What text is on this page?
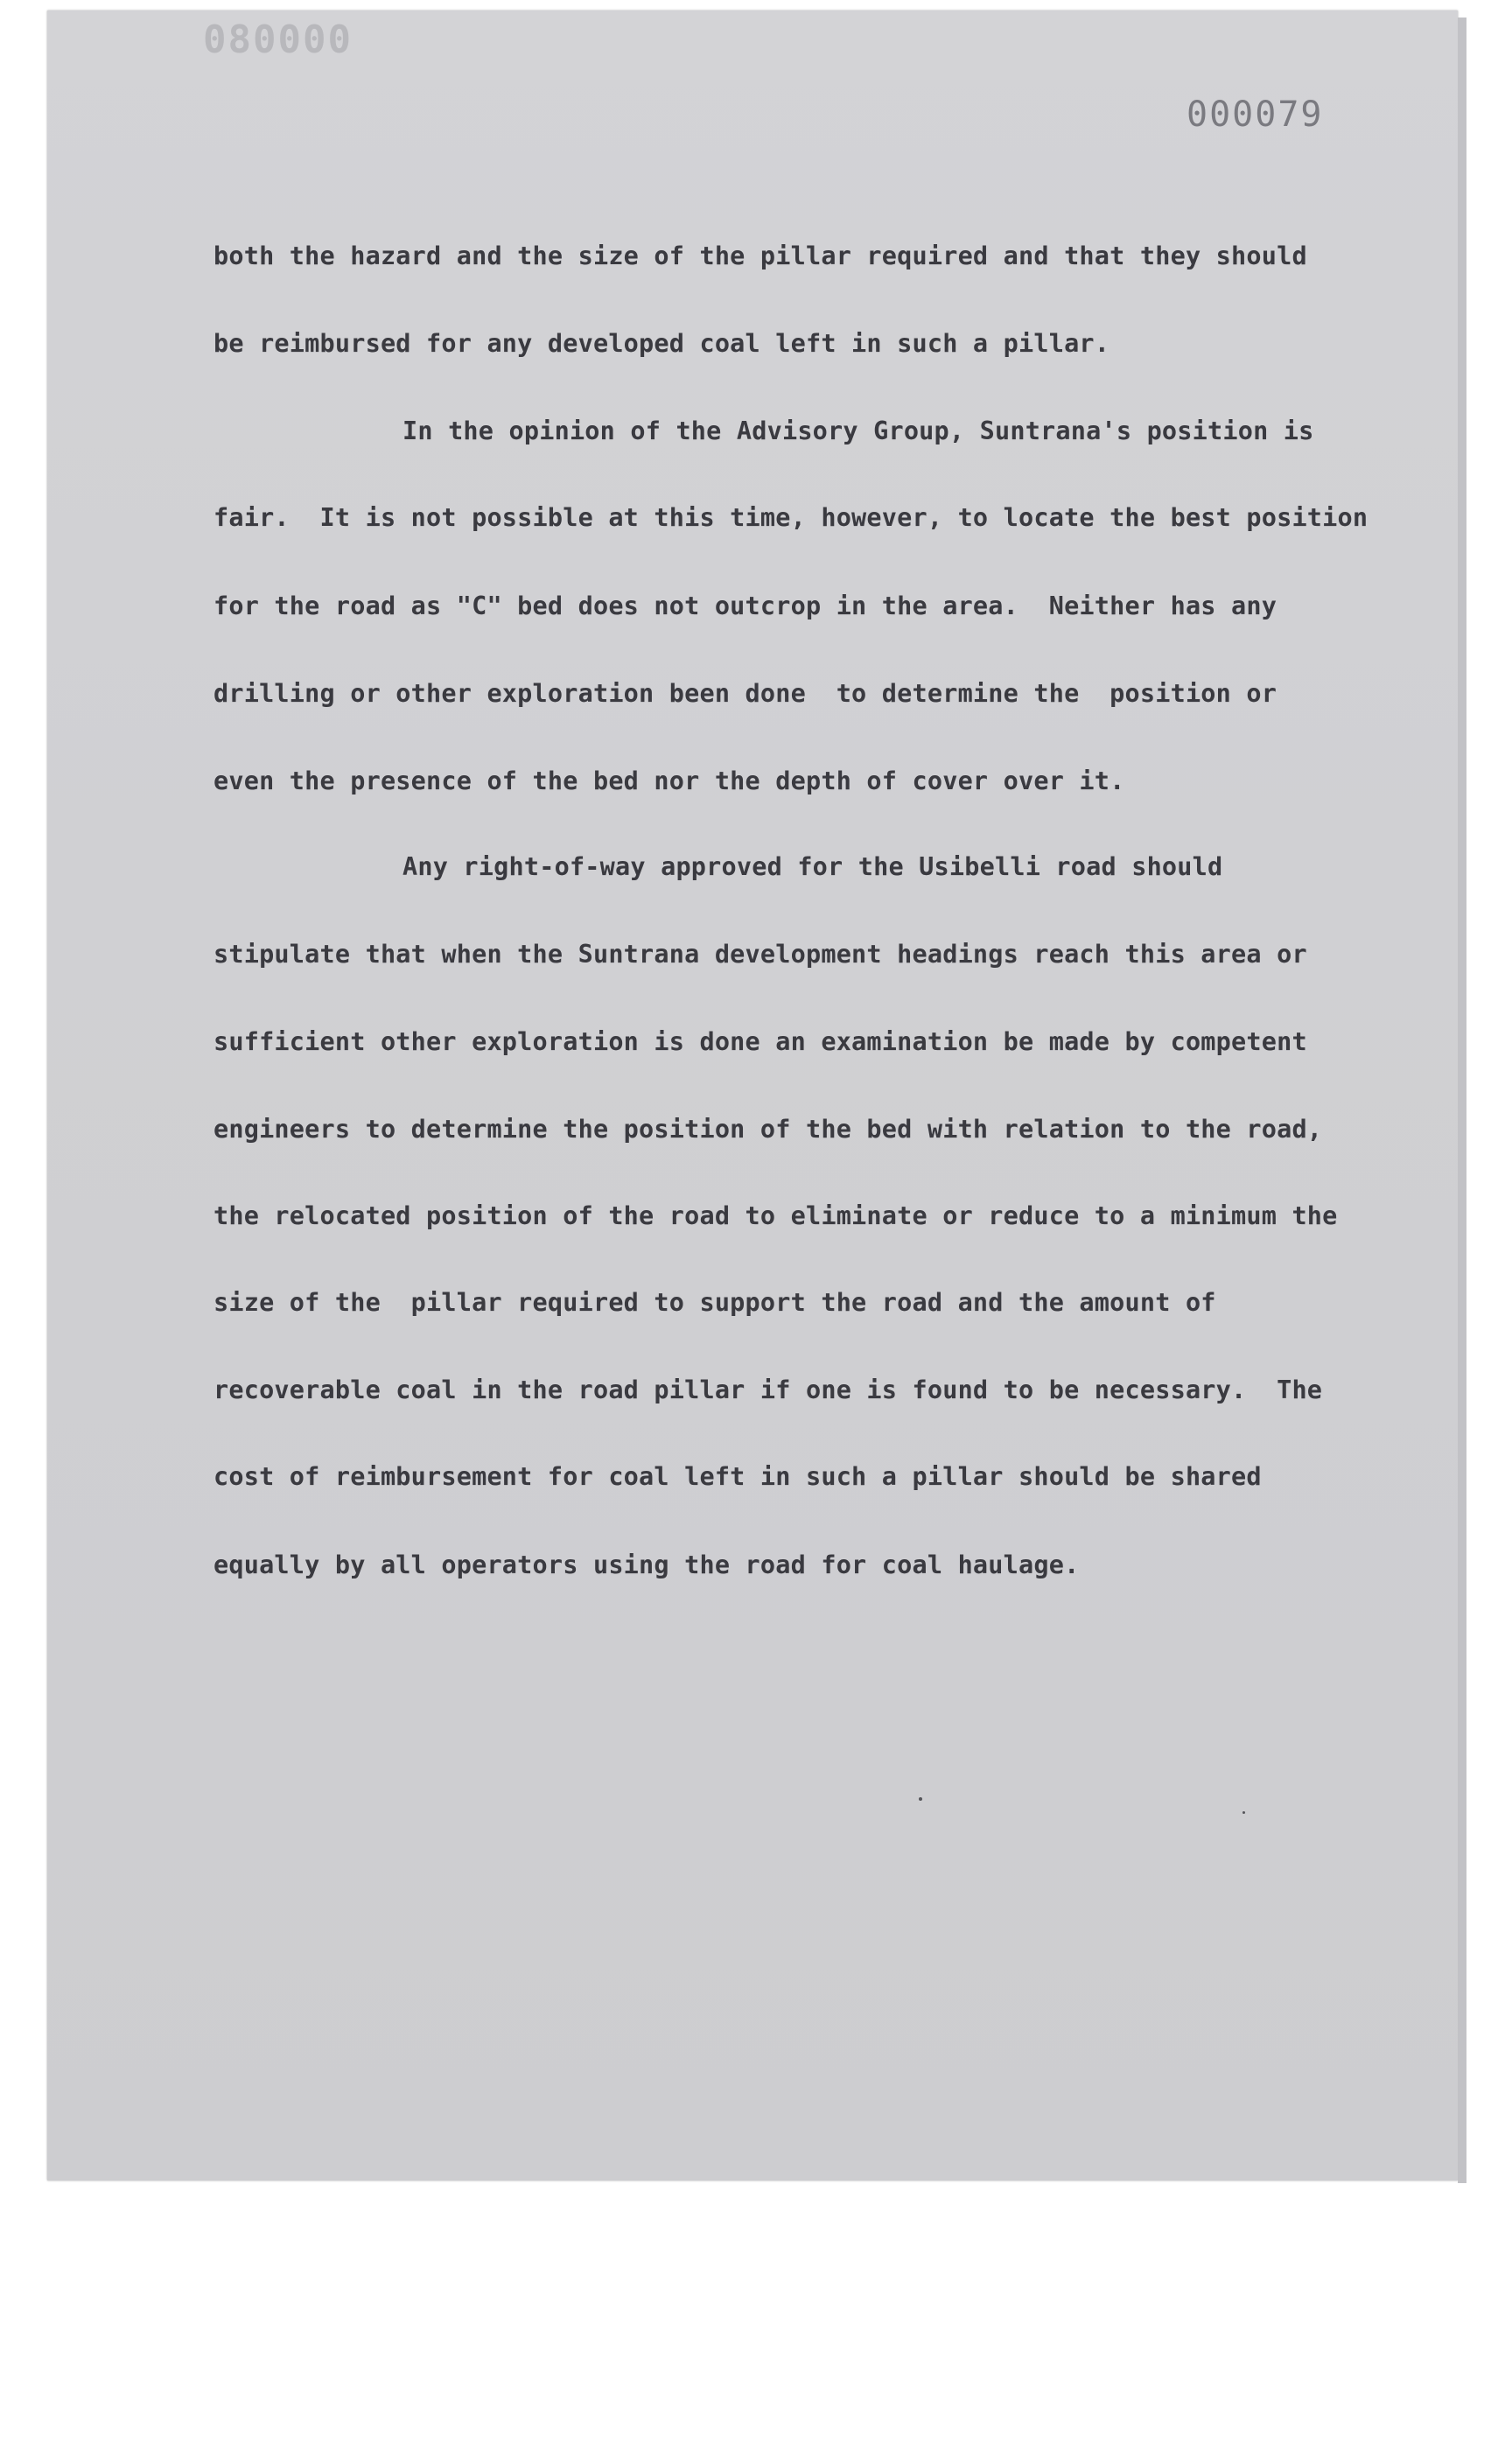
080000
000079
both the hazard and the size of the pillar required and that they should
be reimbursed for any developed coal left in such a pillar.
In the opinion of the Advisory Group, Suntrana's position is
fair.  It is not possible at this time, however, to locate the best position
for the road as "C" bed does not outcrop in the area.  Neither has any
drilling or other exploration been done  to determine the  position or
even the presence of the bed nor the depth of cover over it.
Any right-of-way approved for the Usibelli road should
stipulate that when the Suntrana development headings reach this area or
sufficient other exploration is done an examination be made by competent
engineers to determine the position of the bed with relation to the road,
the relocated position of the road to eliminate or reduce to a minimum the
size of the  pillar required to support the road and the amount of
recoverable coal in the road pillar if one is found to be necessary.  The
cost of reimbursement for coal left in such a pillar should be shared
equally by all operators using the road for coal haulage.
